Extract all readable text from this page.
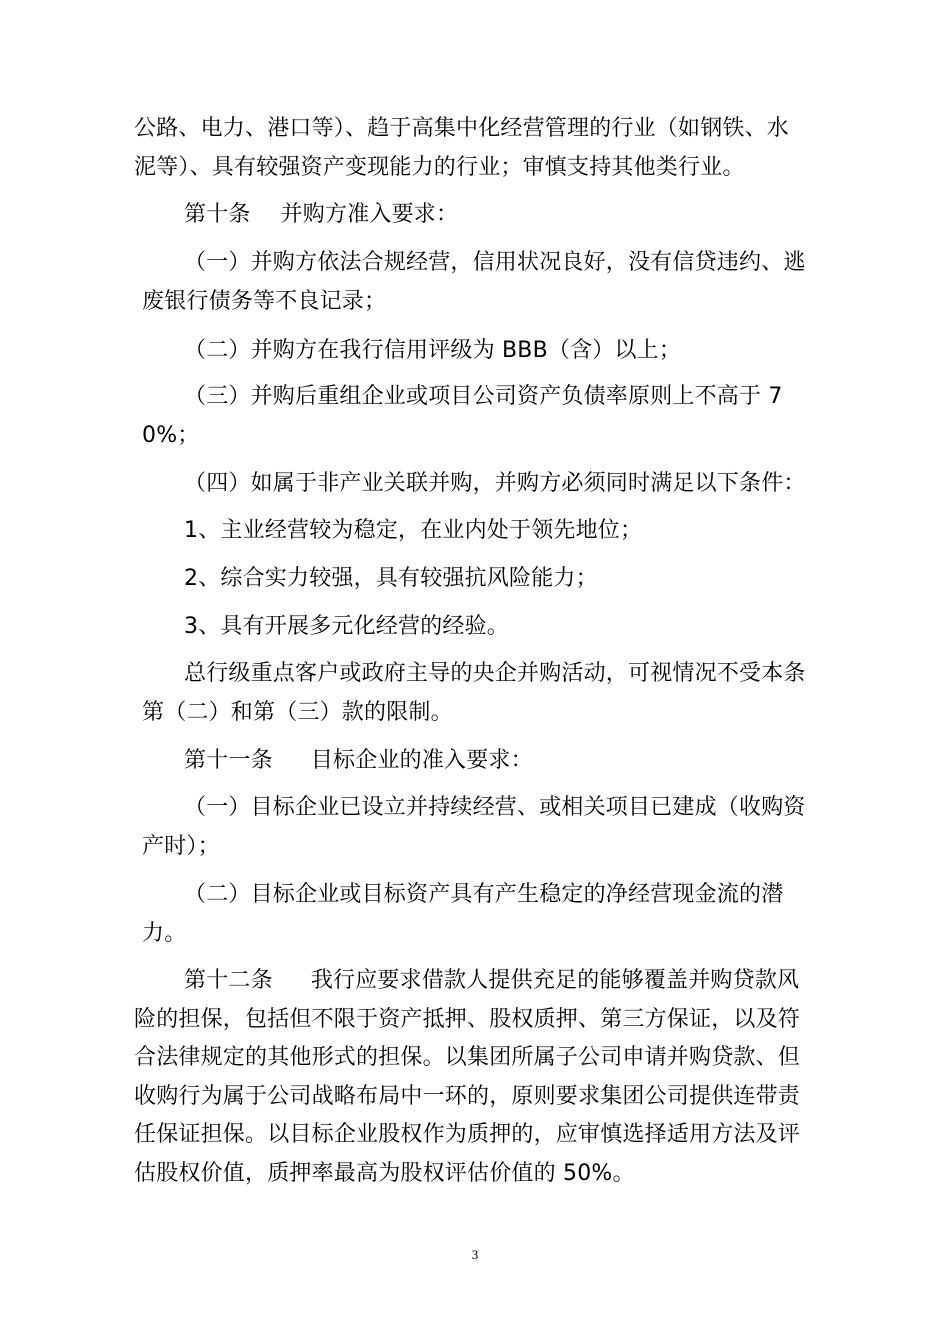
公路、电力、港口等）、趋于高集中化经营管理的行业（如钢铁、水泥等）、具有较强资产变现能力的行业；审慎支持其他类行业。
第十条 并购方准入要求：
（一）并购方依法合规经营，信用状况良好，没有信贷违约、逃废银行债务等不良记录；
（二）并购方在我行信用评级为 BBB（含）以上；
（三）并购后重组企业或项目公司资产负债率原则上不高于 70%；
（四）如属于非产业关联并购，并购方必须同时满足以下条件：
1、主业经营较为稳定，在业内处于领先地位；
2、综合实力较强，具有较强抗风险能力；
3、具有开展多元化经营的经验。
总行级重点客户或政府主导的央企并购活动，可视情况不受本条第（二）和第（三）款的限制。
第十一条 目标企业的准入要求：
（一）目标企业已设立并持续经营、或相关项目已建成（收购资产时）；
（二）目标企业或目标资产具有产生稳定的净经营现金流的潜力。
第十二条 我行应要求借款人提供充足的能够覆盖并购贷款风险的担保，包括但不限于资产抵押、股权质押、第三方保证，以及符合法律规定的其他形式的担保。以集团所属子公司申请并购贷款、但收购行为属于公司战略布局中一环的，原则要求集团公司提供连带责任保证担保。以目标企业股权作为质押的，应审慎选择适用方法及评估股权价值，质押率最高为股权评估价值的 50%。
3
